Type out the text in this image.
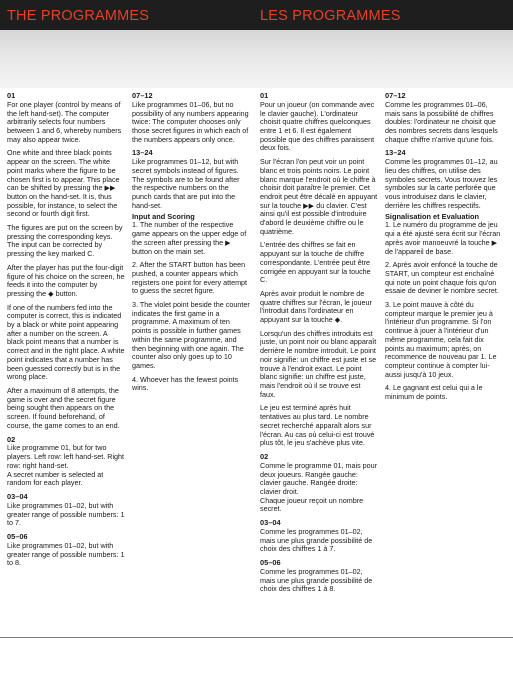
THE PROGRAMMES	LES PROGRAMMES
01

For one player (control by means of the left hand-set). The computer arbitrarily selects four numbers between 1 and 6, whereby numbers may also appear twice.

One white and three black points appear on the screen. The white point marks where the figure to be chosen first is to appear. This place can be shifted by pressing the ▶▶ button on the hand-set. It is, thus possible, for instance, to select the second or fourth digit first.

The figures are put on the screen by pressing the corresponding keys. The input can be corrected by pressing the key marked C.

After the player has put the four-digit figure of his choice on the screen, he feeds it into the computer by pressing the ◆ button.

If one of the numbers fed into the computer is correct, this is indicated by a black or white point appearing after a number on the screen. A black point means that a number is correct and in the right place. A white point indicates that a number has been guessed correctly but is in the wrong place.

After a maximum of 8 attempts, the game is over and the secret figure being sought then appears on the screen. If found beforehand, of course, the game comes to an end.

02

Like programme 01, but for two players. Left row: left hand-set. Right row: right hand-set.

A secret number is selected at random for each player.

03–04

Like programmes 01–02, but with greater range of possible numbers: 1 to 7.

05–06

Like programmes 01–02, but with greater range of possible numbers: 1 to 8.

07–12

Like programmes 01–06, but no possibility of any numbers appearing twice: The computer chooses only those secret figures in which each of the numbers appears only once.

13–24

Like programmes 01–12, but with secret symbols instead of figures. The symbols are to be found after the respective numbers on the punch cards that are put into the hand-set.

Input and Scoring

1. The number of the respective game appears on the upper edge of the screen after pressing the ▶ button on the main set.

2. After the START button has been pushed, a counter appears which registers one point for every attempt to guess the secret figure.

3. The violet point beside the counter indicates the first game in a programme. A maximum of ten points is possible in further games within the same programme, and then beginning with one again. The counter also only goes up to 10 games.

4. Whoever has the fewest points wins.

01

Pour un joueur (on commande avec le clavier gauche). L'ordinateur choisit quatre chiffres quelconques entre 1 et 6. Il est également possible que des chiffres paraissent deux fois.

Sur l'écran l'on peut voir un point blanc et trois points noirs. Le point blanc marque l'endroit où le chiffre à choisir doit paraître le premier. Cet endroit peut être décalé en appuyant sur la touche ▶▶ du clavier. C'est ainsi qu'il est possible d'introduire d'abord le deuxième chiffre ou le quatrième.

L'entrée des chiffres se fait en appuyant sur la touche de chiffre correspondante. L'entrée peut être corrigée en appuyant sur la touche C.

Après avoir produit le nombre de quatre chiffres sur l'écran, le joueur l'introduit dans l'ordinateur en appuyant sur la touche ◆.

Lorsqu'un des chiffres introduits est juste, un point noir ou blanc apparaît derrière le nombre introduit. Le point noir signifie: un chiffre est juste et se trouve à l'endroit exact. Le point blanc signifie: un chiffre est juste, mais l'endroit où il se trouve est faux.

Le jeu est terminé après huit tentatives au plus tard. Le nombre secret recherché apparaît alors sur l'écran. Au cas où celui-ci est trouvé plus tôt, le jeu s'achève plus vite.

02

Comme le programme 01, mais pour deux joueurs. Rangée gauche: clavier gauche. Rangée droite: clavier droit.

Chaque joueur reçoit un nombre secret.

03–04

Comme les programmes 01–02, mais une plus grande possibilité de choix des chiffres 1 à 7.

05–06

Comme les programmes 01–02, mais une plus grande possibilité de choix des chiffres 1 à 8.

07–12

Comme les programmes 01–06, mais sans la possibilité de chiffres doubles: l'ordinateur ne choisit que des nombres secrets dans lesquels chaque chiffre n'arrive qu'une fois.

13–24

Comme les programmes 01–12, au lieu des chiffres, on utilise des symboles secrets. Vous trouvez les symboles sur la carte perforée que vous introduisez dans le clavier, derrière les chiffres respectifs.

Signalisation et Evaluation

1. Le numéro du programme de jeu qui a été ajusté sera écrit sur l'écran après avoir manoeuvré la touche ▶ de l'appareil de base.

2. Après avoir enfoncé la touche de START, un compteur est enchaîné qui note un point chaque fois qu'on essaie de deviner le nombre secret.

3. Le point mauve à côté du compteur marque le premier jeu à l'intérieur d'un programme. Si l'on continue à jouer à l'intérieur d'un même programme, cela fait dix points au maximum; après, on recommence de nouveau par 1. Le compteur continue à compter lui-aussi jusqu'à 10 jeux.

4. Le gagnant est celui qui a le minimum de points.
